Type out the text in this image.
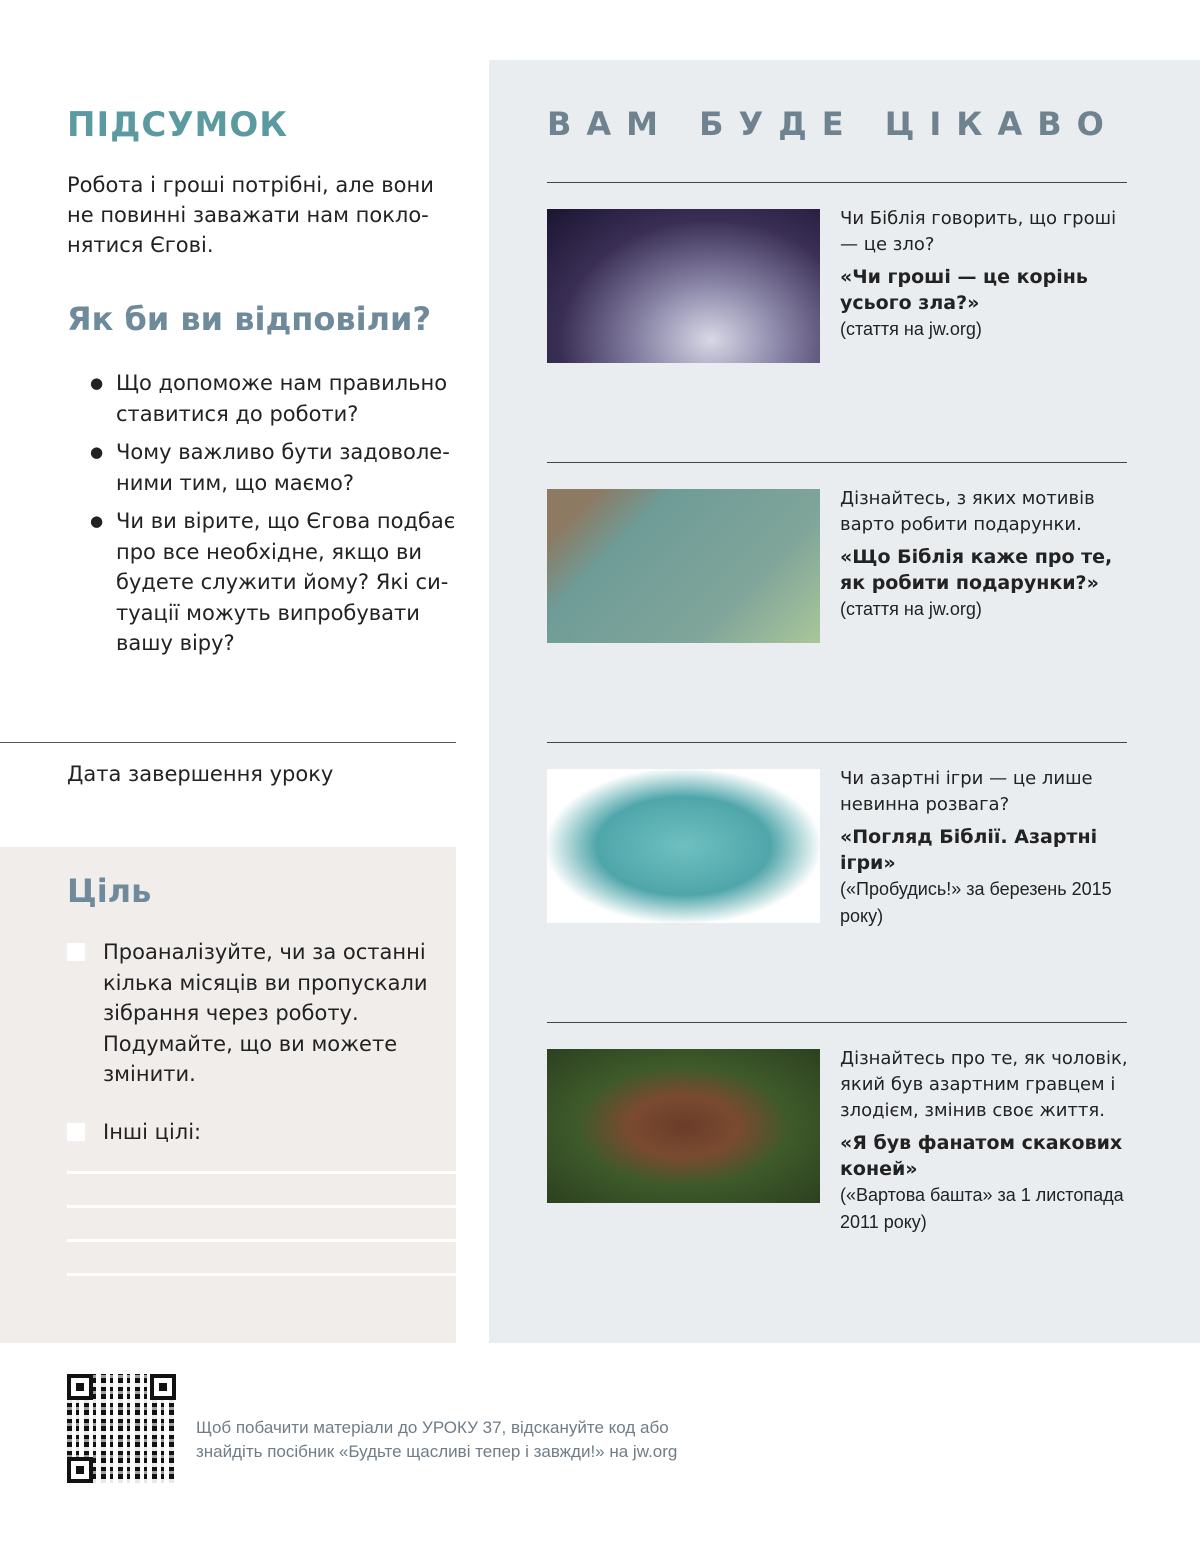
ПІДСУМОК
Робота і гроші потрібні, але вони не повинні заважати нам поклонятися Єгові.
Як би ви відповіли?
● Що допоможе нам правильно ставитися до роботи?
● Чому важливо бути задоволеними тим, що маємо?
● Чи ви вірите, що Єгова подбає про все необхідне, якщо ви будете служити йому? Які ситуації можуть випробувати вашу віру?
Дата завершення уроку
Ціль
Проаналізуйте, чи за останні кілька місяців ви пропускали зібрання через роботу. Подумайте, що ви можете змінити.
Інші цілі:
ВАМ БУДЕ ЦІКАВО
Чи Біблія говорить, що гроші — це зло?
«Чи гроші — це корінь усього зла?»
(стаття на jw.org)
Дізнайтесь, з яких мотивів варто робити подарунки.
«Що Біблія каже про те, як робити подарунки?»
(стаття на jw.org)
Чи азартні ігри — це лише невинна розвага?
«Погляд Біблії. Азартні ігри»
(«Пробудись!» за березень 2015 року)
Дізнайтесь про те, як чоловік, який був азартним гравцем і злодієм, змінив своє життя.
«Я був фанатом скакових коней»
(«Вартова башта» за 1 листопада 2011 року)
Щоб побачити матеріали до УРОКУ 37, відскануйте код або знайдіть посібник «Будьте щасливі тепер і завжди!» на jw.org
